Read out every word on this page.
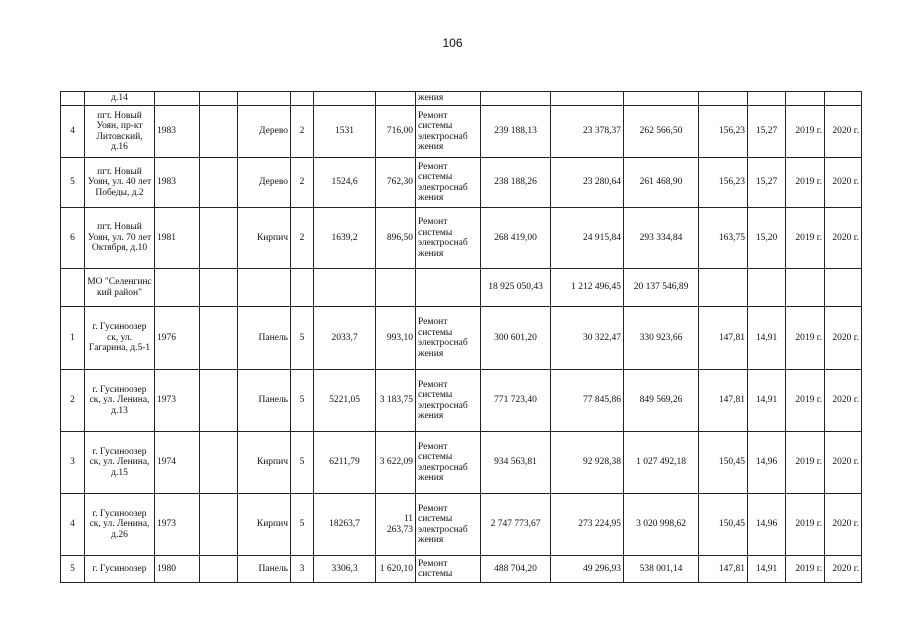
106
	д.14							жения							
4	пгт. Новый Уоян, пр-кт Литовский, д.16	1983		Дерево	2	1531	716,00	Ремонт системы электроснаб жения	239 188,13	23 378,37	262 566,50	156,23	15,27	2019 г.	2020 г.
5	пгт. Новый Уоян, ул. 40 лет Победы, д.2	1983		Дерево	2	1524,6	762,30	Ремонт системы электроснаб жения	238 188,26	23 280,64	261 468,90	156,23	15,27	2019 г.	2020 г.
6	пгт. Новый Уоян, ул. 70 лет Октября, д.10	1981		Кирпич	2	1639,2	896,50	Ремонт системы электроснаб жения	268 419,00	24 915,84	293 334,84	163,75	15,20	2019 г.	2020 г.
	МО "Селенгинс кий район"								18 925 050,43	1 212 496,45	20 137 546,89				
1	г. Гусиноозер ск, ул. Гагарина, д.5-1	1976		Панель	5	2033,7	993,10	Ремонт системы электроснаб жения	300 601,20	30 322,47	330 923,66	147,81	14,91	2019 г.	2020 г.
2	г. Гусиноозер ск, ул. Ленина, д.13	1973		Панель	5	5221,05	3 183,75	Ремонт системы электроснаб жения	771 723,40	77 845,86	849 569,26	147,81	14,91	2019 г.	2020 г.
3	г. Гусиноозер ск, ул. Ленина, д.15	1974		Кирпич	5	6211,79	3 622,09	Ремонт системы электроснаб жения	934 563,81	92 928,38	1 027 492,18	150,45	14,96	2019 г.	2020 г.
4	г. Гусиноозер ск, ул. Ленина, д.26	1973		Кирпич	5	18263,7	11 263,73	Ремонт системы электроснаб жения	2 747 773,67	273 224,95	3 020 998,62	150,45	14,96	2019 г.	2020 г.
5	г. Гусиноозер	1980		Панель	3	3306,3	1 620,10	Ремонт системы	488 704,20	49 296,93	538 001,14	147,81	14,91	2019 г.	2020 г.
